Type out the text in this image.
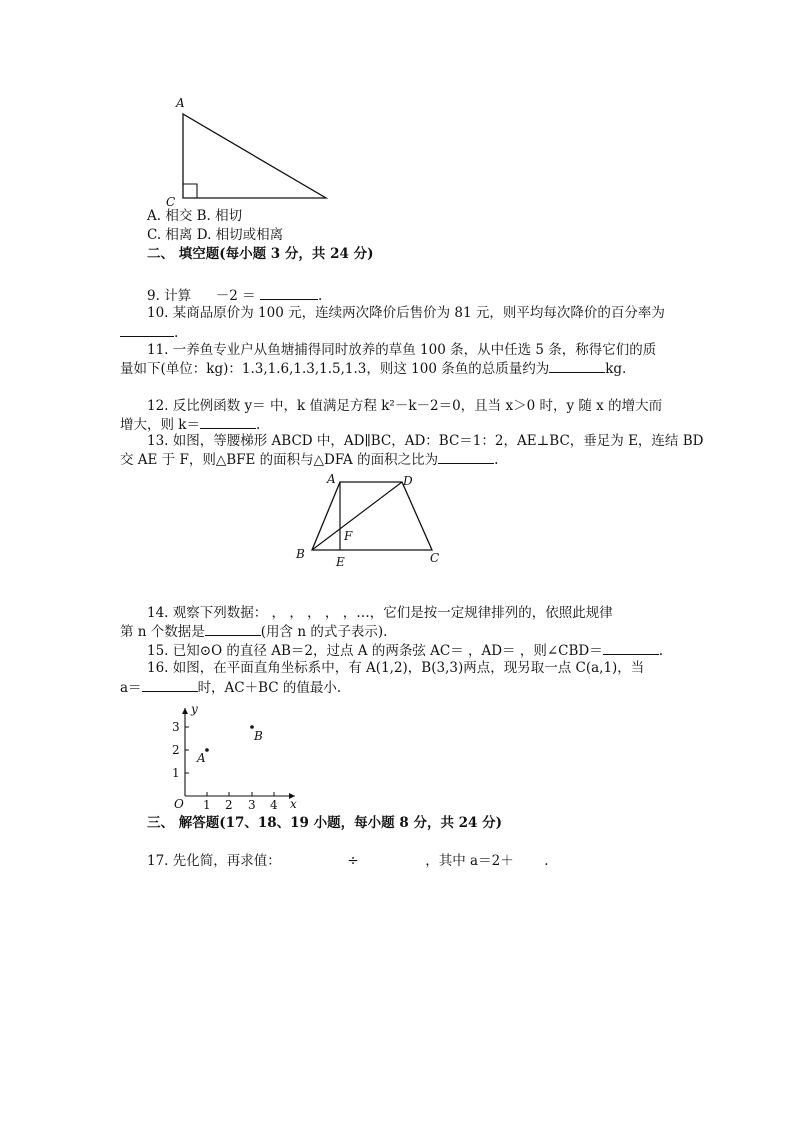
A
C
A. 相交 B. 相切
C. 相离 D. 相切或相离
二、 填空题(每小题 3 分，共 24 分)
9. 计算 －2 ＝	.
10. 某商品原价为 100 元，连续两次降价后售价为 81 元，则平均每次降价的百分率为
.
11. 一养鱼专业户从鱼塘捕得同时放养的草鱼 100 条，从中任选 5 条，称得它们的质
量如下(单位：kg)：1.3,1.6,1.3,1.5,1.3，则这 100 条鱼的总质量约为	kg.
12. 反比例函数 y＝ 中，k 值满足方程 k²－k－2＝0，且当 x＞0 时，y 随 x 的增大而
增大，则 k＝	.
13. 如图，等腰梯形 ABCD 中，AD∥BC，AD：BC＝1：2，AE⊥BC，垂足为 E，连结 BD
交 AE 于 F，则△BFE 的面积与△DFA 的面积之比为	.
A	D
B	C
E
F
14. 观察下列数据： ， ， ， ， ，…，它们是按一定规律排列的，依照此规律
第 n 个数据是	(用含 n 的式子表示).
15. 已知⊙O 的直径 AB＝2，过点 A 的两条弦 AC＝ ，AD＝ ，则∠CBD＝	.
16. 如图，在平面直角坐标系中，有 A(1,2)，B(3,3)两点，现另取一点 C(a,1)，当
a＝	时，AC＋BC 的值最小.
1 2 3 4
1
2
3
O	x
y
A
B
三、 解答题(17、18、19 小题，每小题 8 分，共 24 分)
17. 先化简，再求值：	÷	，其中 a＝2＋ .
